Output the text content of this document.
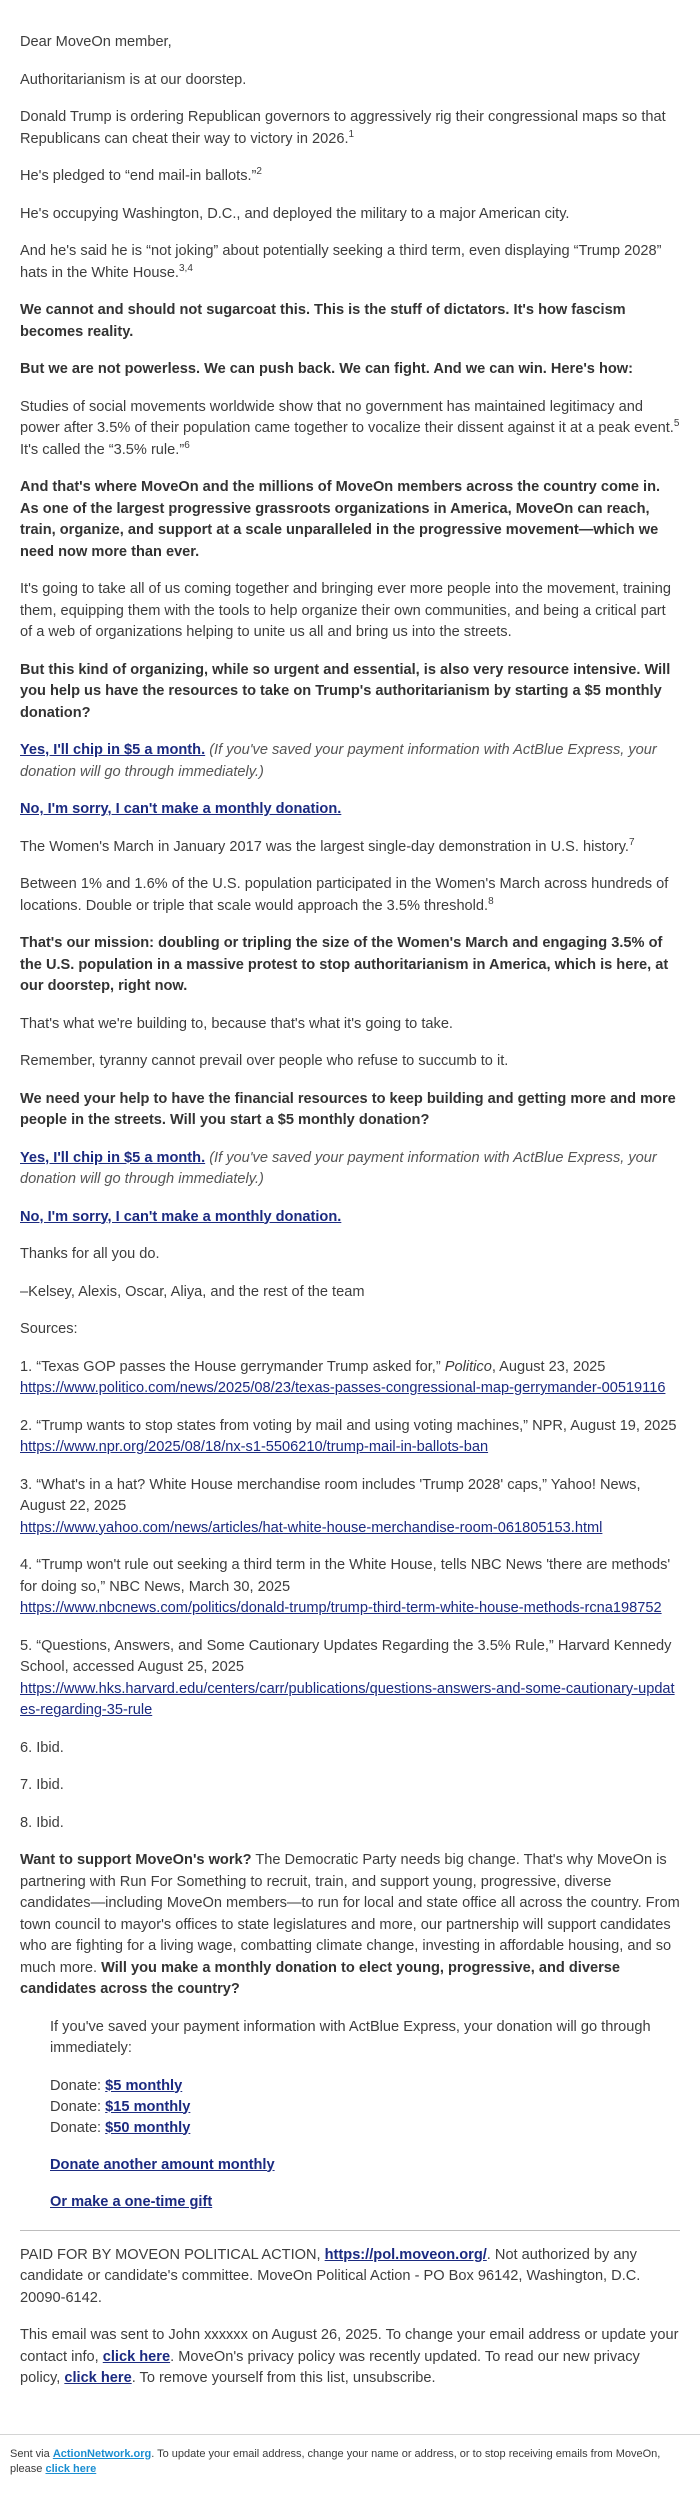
Dear MoveOn member,

Authoritarianism is at our doorstep.

Donald Trump is ordering Republican governors to aggressively rig their congressional maps so that Republicans can cheat their way to victory in 2026.$^1$

He's pledged to “end mail-in ballots.”$^2$

He's occupying Washington, D.C., and deployed the military to a major American city.

And he's said he is “not joking” about potentially seeking a third term, even displaying “Trump 2028” hats in the White House.$^{3,4}$

We cannot and should not sugarcoat this. This is the stuff of dictators. It's how fascism becomes reality.

But we are not powerless. We can push back. We can fight. And we can win. Here's how:

Studies of social movements worldwide show that no government has maintained legitimacy and power after 3.5% of their population came together to vocalize their dissent against it at a peak event.$^5$ It's called the “3.5% rule.”$^6$

And that's where MoveOn and the millions of MoveOn members across the country come in. As one of the largest progressive grassroots organizations in America, MoveOn can reach, train, organize, and support at a scale unparalleled in the progressive movement—which we need now more than ever.

It's going to take all of us coming together and bringing ever more people into the movement, training them, equipping them with the tools to help organize their own communities, and being a critical part of a web of organizations helping to unite us all and bring us into the streets.

But this kind of organizing, while so urgent and essential, is also very resource intensive. Will you help us have the resources to take on Trump's authoritarianism by starting a $5 monthly donation?

Yes, I'll chip in $5 a month. (If you've saved your payment information with ActBlue Express, your donation will go through immediately.)

No, I'm sorry, I can't make a monthly donation.

The Women's March in January 2017 was the largest single-day demonstration in U.S. history.$^7$

Between 1% and 1.6% of the U.S. population participated in the Women's March across hundreds of locations. Double or triple that scale would approach the 3.5% threshold.$^8$

That's our mission: doubling or tripling the size of the Women's March and engaging 3.5% of the U.S. population in a massive protest to stop authoritarianism in America, which is here, at our doorstep, right now.

That's what we're building to, because that's what it's going to take.

Remember, tyranny cannot prevail over people who refuse to succumb to it.

We need your help to have the financial resources to keep building and getting more and more people in the streets. Will you start a $5 monthly donation?

Yes, I'll chip in $5 a month. (If you've saved your payment information with ActBlue Express, your donation will go through immediately.)

No, I'm sorry, I can't make a monthly donation.

Thanks for all you do.

–Kelsey, Alexis, Oscar, Aliya, and the rest of the team

Sources:

1. “Texas GOP passes the House gerrymander Trump asked for,” Politico, August 23, 2025
https://www.politico.com/news/2025/08/23/texas-passes-congressional-map-gerrymander-00519116

2. “Trump wants to stop states from voting by mail and using voting machines,” NPR, August 19, 2025
https://www.npr.org/2025/08/18/nx-s1-5506210/trump-mail-in-ballots-ban

3. “What's in a hat? White House merchandise room includes 'Trump 2028' caps,” Yahoo! News, August 22, 2025
https://www.yahoo.com/news/articles/hat-white-house-merchandise-room-061805153.html

4. “Trump won't rule out seeking a third term in the White House, tells NBC News 'there are methods' for doing so,” NBC News, March 30, 2025
https://www.nbcnews.com/politics/donald-trump/trump-third-term-white-house-methods-rcna198752

5. “Questions, Answers, and Some Cautionary Updates Regarding the 3.5% Rule,” Harvard Kennedy School, accessed August 25, 2025
https://www.hks.harvard.edu/centers/carr/publications/questions-answers-and-some-cautionary-updates-regarding-35-rule

6. Ibid.

7. Ibid.

8. Ibid.

Want to support MoveOn's work? The Democratic Party needs big change. That's why MoveOn is partnering with Run For Something to recruit, train, and support young, progressive, diverse candidates—including MoveOn members—to run for local and state office all across the country. From town council to mayor's offices to state legislatures and more, our partnership will support candidates who are fighting for a living wage, combatting climate change, investing in affordable housing, and so much more. Will you make a monthly donation to elect young, progressive, and diverse candidates across the country?

If you've saved your payment information with ActBlue Express, your donation will go through immediately:

Donate: $5 monthly

Donate: $15 monthly

Donate: $50 monthly

Donate another amount monthly

Or make a one-time gift

PAID FOR BY MOVEON POLITICAL ACTION, https://pol.moveon.org/. Not authorized by any candidate or candidate's committee. MoveOn Political Action - PO Box 96142, Washington, D.C. 20090-6142.

This email was sent to John xxxxxx on August 26, 2025. To change your email address or update your contact info, click here. MoveOn's privacy policy was recently updated. To read our new privacy policy, click here. To remove yourself from this list, unsubscribe.

Sent via ActionNetwork.org. To update your email address, change your name or address, or to stop receiving emails from MoveOn, please click here
